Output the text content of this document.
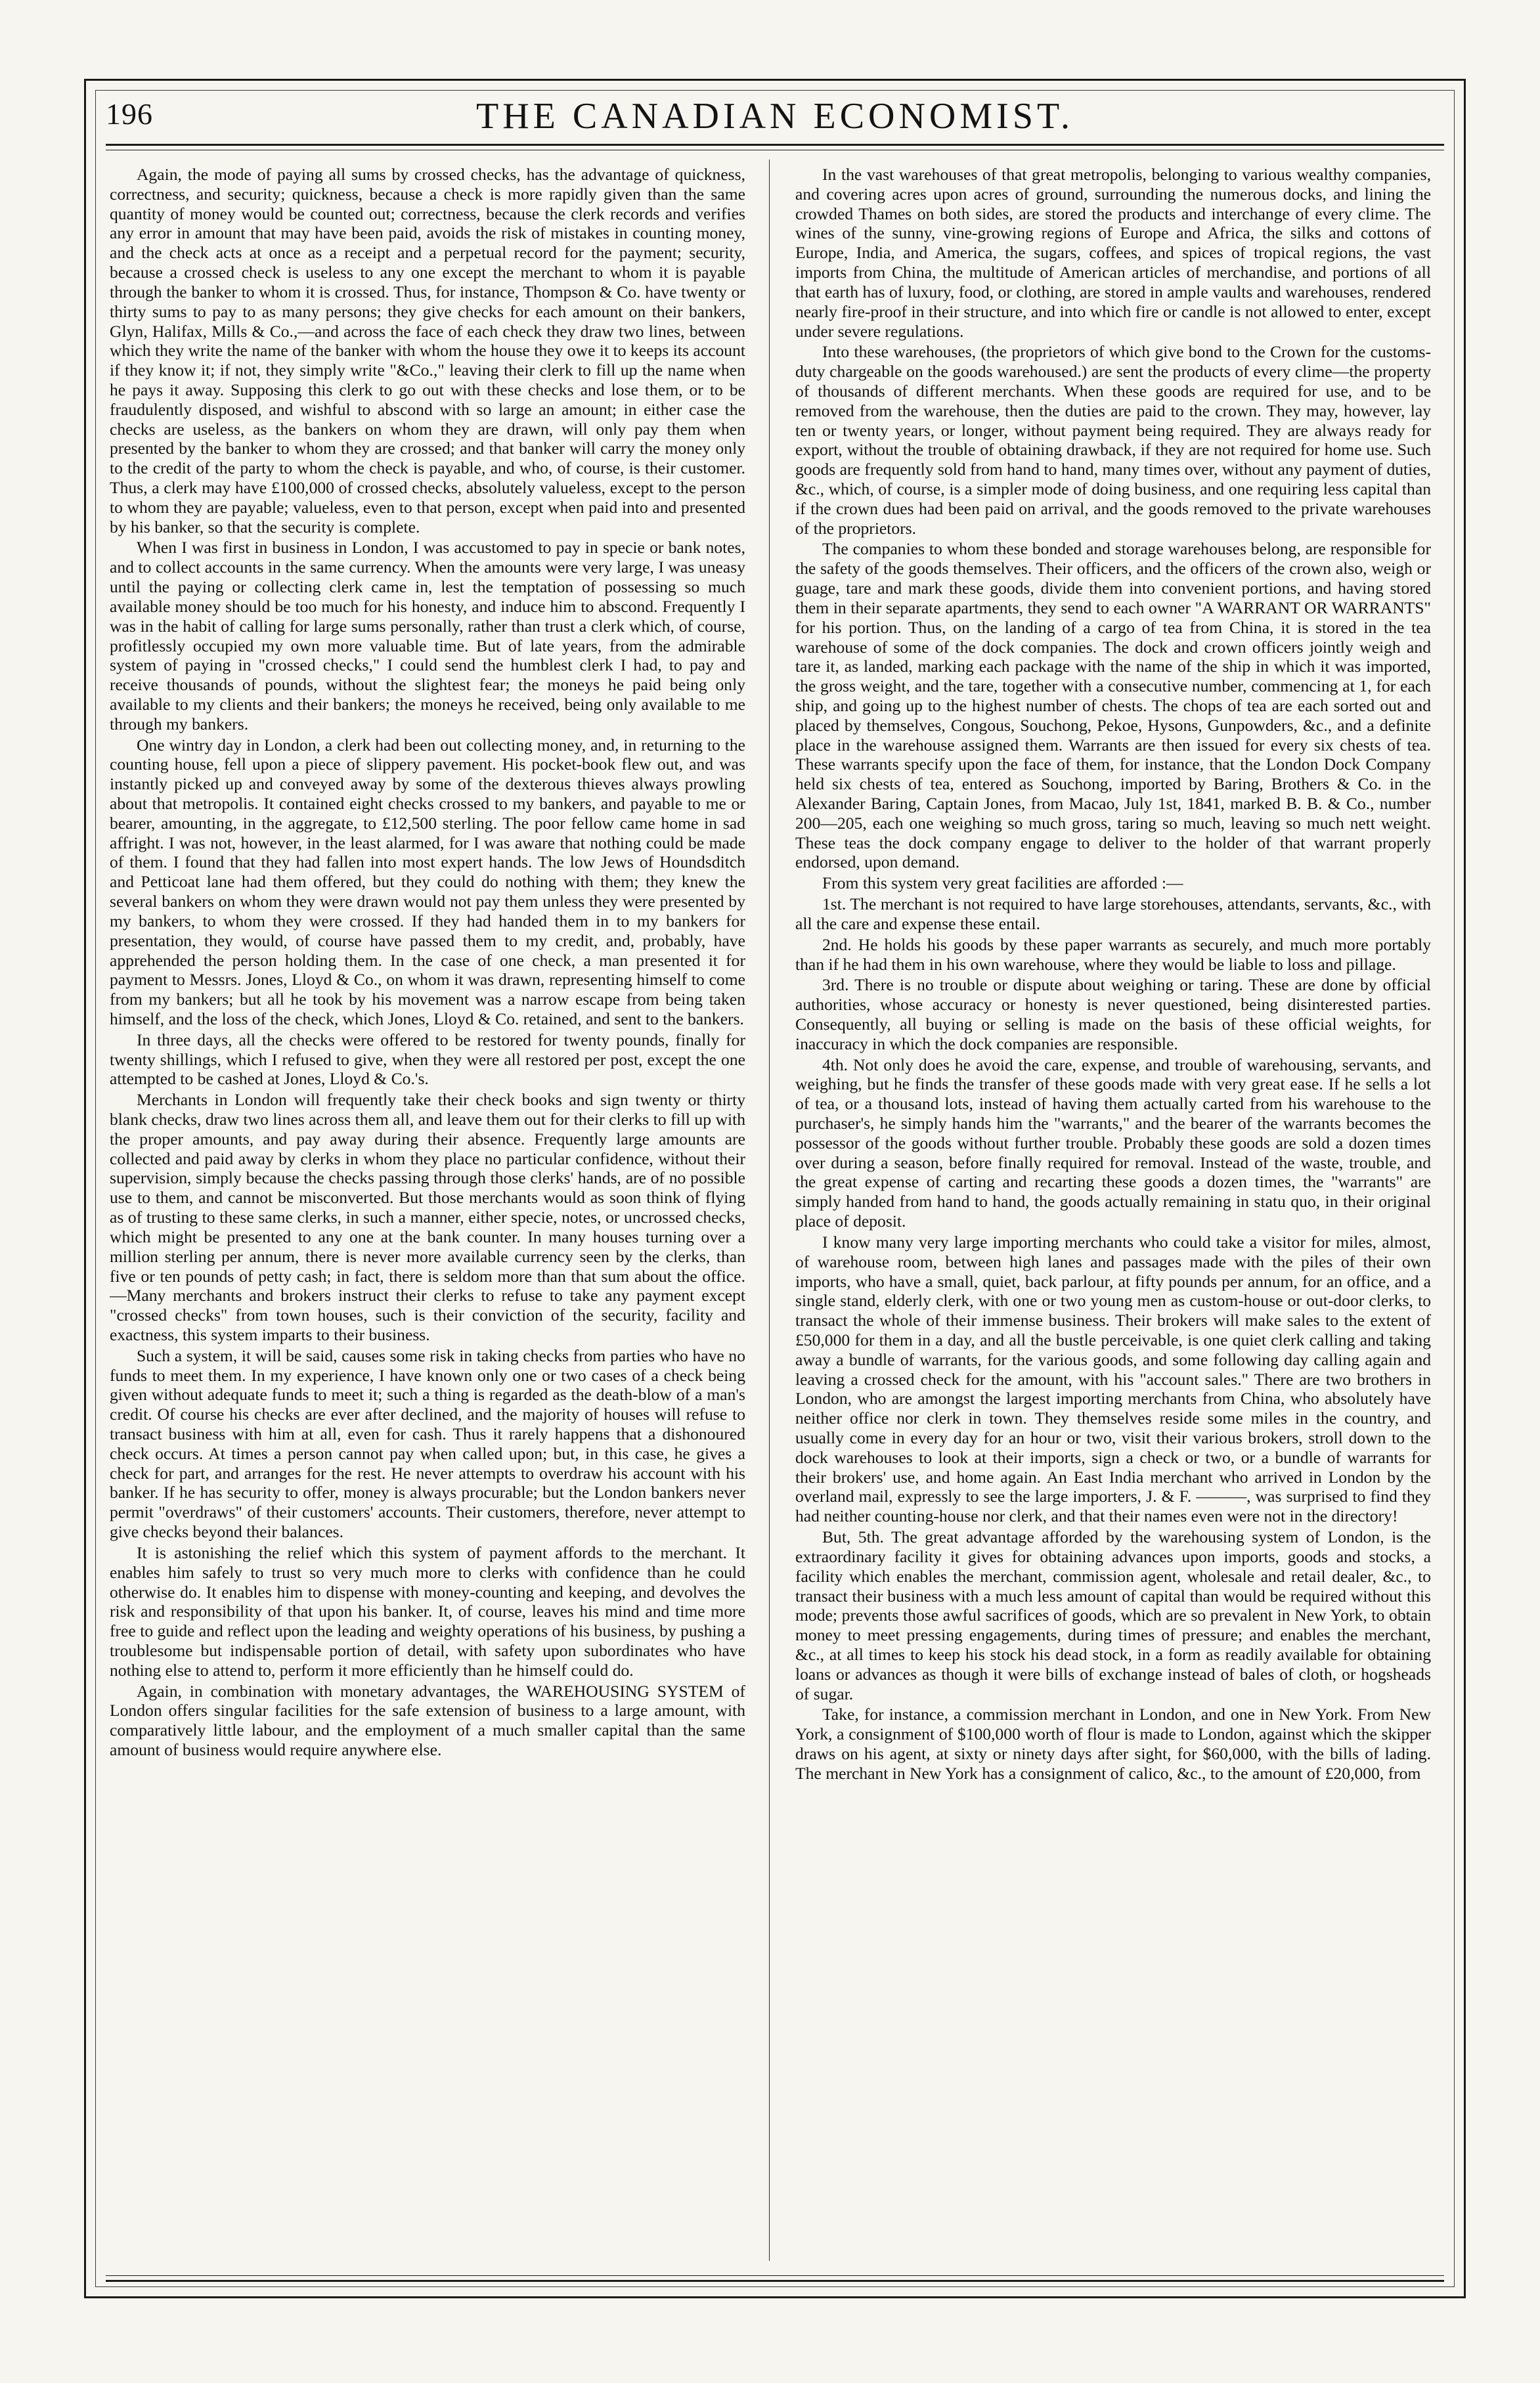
196	THE CANADIAN ECONOMIST.

Again, the mode of paying all sums by crossed checks, has the advantage of quickness, correctness, and security; quickness, because a check is more rapidly given than the same quantity of money would be counted out; correctness, because the clerk records and verifies any error in amount that may have been paid, avoids the risk of mistakes in counting money, and the check acts at once as a receipt and a perpetual record for the payment; security, because a crossed check is useless to any one except the merchant to whom it is payable through the banker to whom it is crossed. Thus, for instance, Thompson & Co. have twenty or thirty sums to pay to as many persons; they give checks for each amount on their bankers, Glyn, Halifax, Mills & Co.,—and across the face of each check they draw two lines, between which they write the name of the banker with whom the house they owe it to keeps its account if they know it; if not, they simply write "&Co.," leaving their clerk to fill up the name when he pays it away. Supposing this clerk to go out with these checks and lose them, or to be fraudulently disposed, and wishful to abscond with so large an amount; in either case the checks are useless, as the bankers on whom they are drawn, will only pay them when presented by the banker to whom they are crossed; and that banker will carry the money only to the credit of the party to whom the check is payable, and who, of course, is their customer. Thus, a clerk may have £100,000 of crossed checks, absolutely valueless, except to the person to whom they are payable; valueless, even to that person, except when paid into and presented by his banker, so that the security is complete.

When I was first in business in London, I was accustomed to pay in specie or bank notes, and to collect accounts in the same currency. When the amounts were very large, I was uneasy until the paying or collecting clerk came in, lest the temptation of possessing so much available money should be too much for his honesty, and induce him to abscond. Frequently I was in the habit of calling for large sums personally, rather than trust a clerk which, of course, profitlessly occupied my own more valuable time. But of late years, from the admirable system of paying in "crossed checks," I could send the humblest clerk I had, to pay and receive thousands of pounds, without the slightest fear; the moneys he paid being only available to my clients and their bankers; the moneys he received, being only available to me through my bankers.

One wintry day in London, a clerk had been out collecting money, and, in returning to the counting house, fell upon a piece of slippery pavement. His pocket-book flew out, and was instantly picked up and conveyed away by some of the dexterous thieves always prowling about that metropolis. It contained eight checks crossed to my bankers, and payable to me or bearer, amounting, in the aggregate, to £12,500 sterling. The poor fellow came home in sad affright. I was not, however, in the least alarmed, for I was aware that nothing could be made of them. I found that they had fallen into most expert hands. The low Jews of Houndsditch and Petticoat lane had them offered, but they could do nothing with them; they knew the several bankers on whom they were drawn would not pay them unless they were presented by my bankers, to whom they were crossed. If they had handed them in to my bankers for presentation, they would, of course have passed them to my credit, and, probably, have apprehended the person holding them. In the case of one check, a man presented it for payment to Messrs. Jones, Lloyd & Co., on whom it was drawn, representing himself to come from my bankers; but all he took by his movement was a narrow escape from being taken himself, and the loss of the check, which Jones, Lloyd & Co. retained, and sent to the bankers.

In three days, all the checks were offered to be restored for twenty pounds, finally for twenty shillings, which I refused to give, when they were all restored per post, except the one attempted to be cashed at Jones, Lloyd & Co.'s.

Merchants in London will frequently take their check books and sign twenty or thirty blank checks, draw two lines across them all, and leave them out for their clerks to fill up with the proper amounts, and pay away during their absence. Frequently large amounts are collected and paid away by clerks in whom they place no particular confidence, without their supervision, simply because the checks passing through those clerks' hands, are of no possible use to them, and cannot be misconverted. But those merchants would as soon think of flying as of trusting to these same clerks, in such a manner, either specie, notes, or uncrossed checks, which might be presented to any one at the bank counter. In many houses turning over a million sterling per annum, there is never more available currency seen by the clerks, than five or ten pounds of petty cash; in fact, there is seldom more than that sum about the office.—Many merchants and brokers instruct their clerks to refuse to take any payment except "crossed checks" from town houses, such is their conviction of the security, facility and exactness, this system imparts to their business.

Such a system, it will be said, causes some risk in taking checks from parties who have no funds to meet them. In my experience, I have known only one or two cases of a check being given without adequate funds to meet it; such a thing is regarded as the death-blow of a man's credit. Of course his checks are ever after declined, and the majority of houses will refuse to transact business with him at all, even for cash. Thus it rarely happens that a dishonoured check occurs. At times a person cannot pay when called upon; but, in this case, he gives a check for part, and arranges for the rest. He never attempts to overdraw his account with his banker. If he has security to offer, money is always procurable; but the London bankers never permit "overdraws" of their customers' accounts. Their customers, therefore, never attempt to give checks beyond their balances.

It is astonishing the relief which this system of payment affords to the merchant. It enables him safely to trust so very much more to clerks with confidence than he could otherwise do. It enables him to dispense with money-counting and keeping, and devolves the risk and responsibility of that upon his banker. It, of course, leaves his mind and time more free to guide and reflect upon the leading and weighty operations of his business, by pushing a troublesome but indispensable portion of detail, with safety upon subordinates who have nothing else to attend to, perform it more efficiently than he himself could do.

Again, in combination with monetary advantages, the WAREHOUSING SYSTEM of London offers singular facilities for the safe extension of business to a large amount, with comparatively little labour, and the employment of a much smaller capital than the same amount of business would require anywhere else.

In the vast warehouses of that great metropolis, belonging to various wealthy companies, and covering acres upon acres of ground, surrounding the numerous docks, and lining the crowded Thames on both sides, are stored the products and interchange of every clime. The wines of the sunny, vine-growing regions of Europe and Africa, the silks and cottons of Europe, India, and America, the sugars, coffees, and spices of tropical regions, the vast imports from China, the multitude of American articles of merchandise, and portions of all that earth has of luxury, food, or clothing, are stored in ample vaults and warehouses, rendered nearly fire-proof in their structure, and into which fire or candle is not allowed to enter, except under severe regulations.

Into these warehouses, (the proprietors of which give bond to the Crown for the customs-duty chargeable on the goods warehoused.) are sent the products of every clime—the property of thousands of different merchants. When these goods are required for use, and to be removed from the warehouse, then the duties are paid to the crown. They may, however, lay ten or twenty years, or longer, without payment being required. They are always ready for export, without the trouble of obtaining drawback, if they are not required for home use. Such goods are frequently sold from hand to hand, many times over, without any payment of duties, &c., which, of course, is a simpler mode of doing business, and one requiring less capital than if the crown dues had been paid on arrival, and the goods removed to the private warehouses of the proprietors.

The companies to whom these bonded and storage warehouses belong, are responsible for the safety of the goods themselves. Their officers, and the officers of the crown also, weigh or guage, tare and mark these goods, divide them into convenient portions, and having stored them in their separate apartments, they send to each owner "A WARRANT OR WARRANTS" for his portion. Thus, on the landing of a cargo of tea from China, it is stored in the tea warehouse of some of the dock companies. The dock and crown officers jointly weigh and tare it, as landed, marking each package with the name of the ship in which it was imported, the gross weight, and the tare, together with a consecutive number, commencing at 1, for each ship, and going up to the highest number of chests. The chops of tea are each sorted out and placed by themselves, Congous, Souchong, Pekoe, Hysons, Gunpowders, &c., and a definite place in the warehouse assigned them. Warrants are then issued for every six chests of tea. These warrants specify upon the face of them, for instance, that the London Dock Company held six chests of tea, entered as Souchong, imported by Baring, Brothers & Co. in the Alexander Baring, Captain Jones, from Macao, July 1st, 1841, marked B. B. & Co., number 200—205, each one weighing so much gross, taring so much, leaving so much nett weight. These teas the dock company engage to deliver to the holder of that warrant properly endorsed, upon demand.

From this system very great facilities are afforded :—

1st. The merchant is not required to have large storehouses, attendants, servants, &c., with all the care and expense these entail.

2nd. He holds his goods by these paper warrants as securely, and much more portably than if he had them in his own warehouse, where they would be liable to loss and pillage.

3rd. There is no trouble or dispute about weighing or taring. These are done by official authorities, whose accuracy or honesty is never questioned, being disinterested parties. Consequently, all buying or selling is made on the basis of these official weights, for inaccuracy in which the dock companies are responsible.

4th. Not only does he avoid the care, expense, and trouble of warehousing, servants, and weighing, but he finds the transfer of these goods made with very great ease. If he sells a lot of tea, or a thousand lots, instead of having them actually carted from his warehouse to the purchaser's, he simply hands him the "warrants," and the bearer of the warrants becomes the possessor of the goods without further trouble. Probably these goods are sold a dozen times over during a season, before finally required for removal. Instead of the waste, trouble, and the great expense of carting and recarting these goods a dozen times, the "warrants" are simply handed from hand to hand, the goods actually remaining in statu quo, in their original place of deposit.

I know many very large importing merchants who could take a visitor for miles, almost, of warehouse room, between high lanes and passages made with the piles of their own imports, who have a small, quiet, back parlour, at fifty pounds per annum, for an office, and a single stand, elderly clerk, with one or two young men as custom-house or out-door clerks, to transact the whole of their immense business. Their brokers will make sales to the extent of £50,000 for them in a day, and all the bustle perceivable, is one quiet clerk calling and taking away a bundle of warrants, for the various goods, and some following day calling again and leaving a crossed check for the amount, with his "account sales." There are two brothers in London, who are amongst the largest importing merchants from China, who absolutely have neither office nor clerk in town. They themselves reside some miles in the country, and usually come in every day for an hour or two, visit their various brokers, stroll down to the dock warehouses to look at their imports, sign a check or two, or a bundle of warrants for their brokers' use, and home again. An East India merchant who arrived in London by the overland mail, expressly to see the large importers, J. & F. ———, was surprised to find they had neither counting-house nor clerk, and that their names even were not in the directory!

But, 5th. The great advantage afforded by the warehousing system of London, is the extraordinary facility it gives for obtaining advances upon imports, goods and stocks, a facility which enables the merchant, commission agent, wholesale and retail dealer, &c., to transact their business with a much less amount of capital than would be required without this mode; prevents those awful sacrifices of goods, which are so prevalent in New York, to obtain money to meet pressing engagements, during times of pressure; and enables the merchant, &c., at all times to keep his stock his dead stock, in a form as readily available for obtaining loans or advances as though it were bills of exchange instead of bales of cloth, or hogsheads of sugar.

Take, for instance, a commission merchant in London, and one in New York. From New York, a consignment of $100,000 worth of flour is made to London, against which the skipper draws on his agent, at sixty or ninety days after sight, for $60,000, with the bills of lading. The merchant in New York has a consignment of calico, &c., to the amount of £20,000, from
